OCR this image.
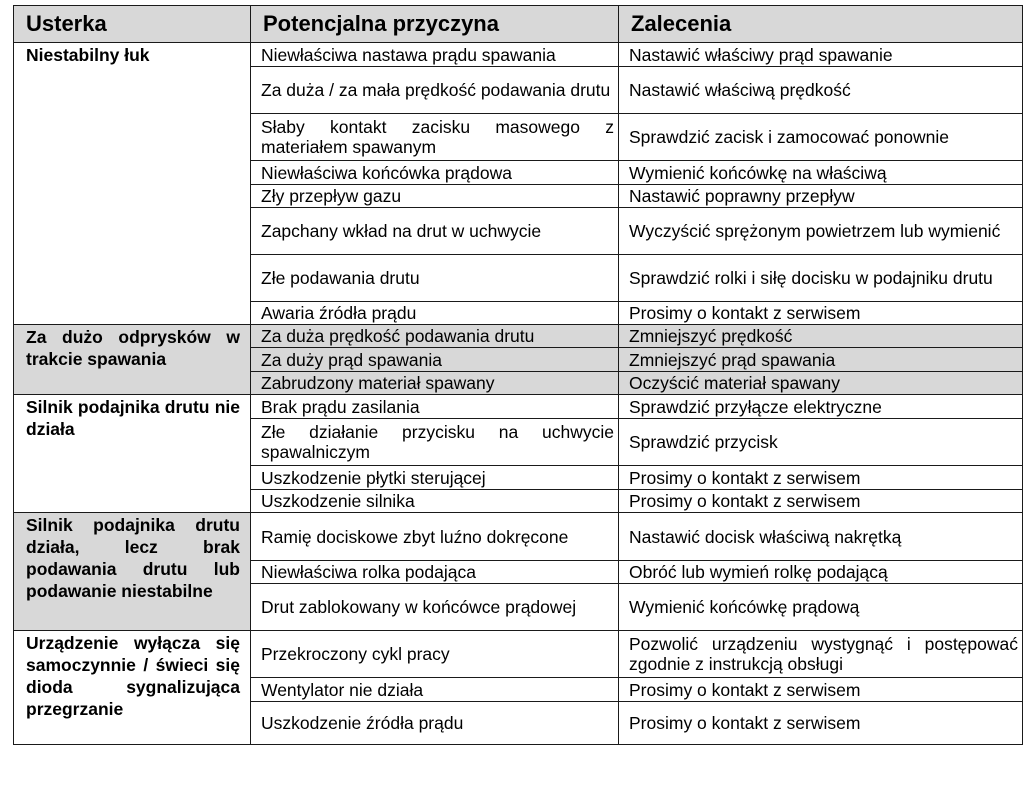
Usterka	Potencjalna przyczyna	Zalecenia
Niestabilny łuk	Niewłaściwa nastawa prądu spawania	Nastawić właściwy prąd spawanie
	Za duża / za mała prędkość podawania drutu	Nastawić właściwą prędkość
	Słaby kontakt zacisku masowego z materiałem spawanym	Sprawdzić zacisk i zamocować ponownie
	Niewłaściwa końcówka prądowa	Wymienić końcówkę na właściwą
	Zły przepływ gazu	Nastawić poprawny przepływ
	Zapchany wkład na drut w uchwycie	Wyczyścić sprężonym powietrzem lub wymienić
	Złe podawania drutu	Sprawdzić rolki i siłę docisku w podajniku drutu
	Awaria źródła prądu	Prosimy o kontakt z serwisem
Za dużo odprysków w trakcie spawania	Za duża prędkość podawania drutu	Zmniejszyć prędkość
	Za duży prąd spawania	Zmniejszyć prąd spawania
	Zabrudzony materiał spawany	Oczyścić materiał spawany
Silnik podajnika drutu nie działa	Brak prądu zasilania	Sprawdzić przyłącze elektryczne
	Złe działanie przycisku na uchwycie spawalniczym	Sprawdzić przycisk
	Uszkodzenie płytki sterującej	Prosimy o kontakt z serwisem
	Uszkodzenie silnika	Prosimy o kontakt z serwisem
Silnik podajnika drutu działa, lecz brak podawania drutu lub podawanie niestabilne	Ramię dociskowe zbyt luźno dokręcone	Nastawić docisk właściwą nakrętką
	Niewłaściwa rolka podająca	Obróć lub wymień rolkę podającą
	Drut zablokowany w końcówce prądowej	Wymienić końcówkę prądową
Urządzenie wyłącza się samoczynnie / świeci się dioda sygnalizująca przegrzanie	Przekroczony cykl pracy	Pozwolić urządzeniu wystygnąć i postępować zgodnie z instrukcją obsługi
	Wentylator nie działa	Prosimy o kontakt z serwisem
	Uszkodzenie źródła prądu	Prosimy o kontakt z serwisem
